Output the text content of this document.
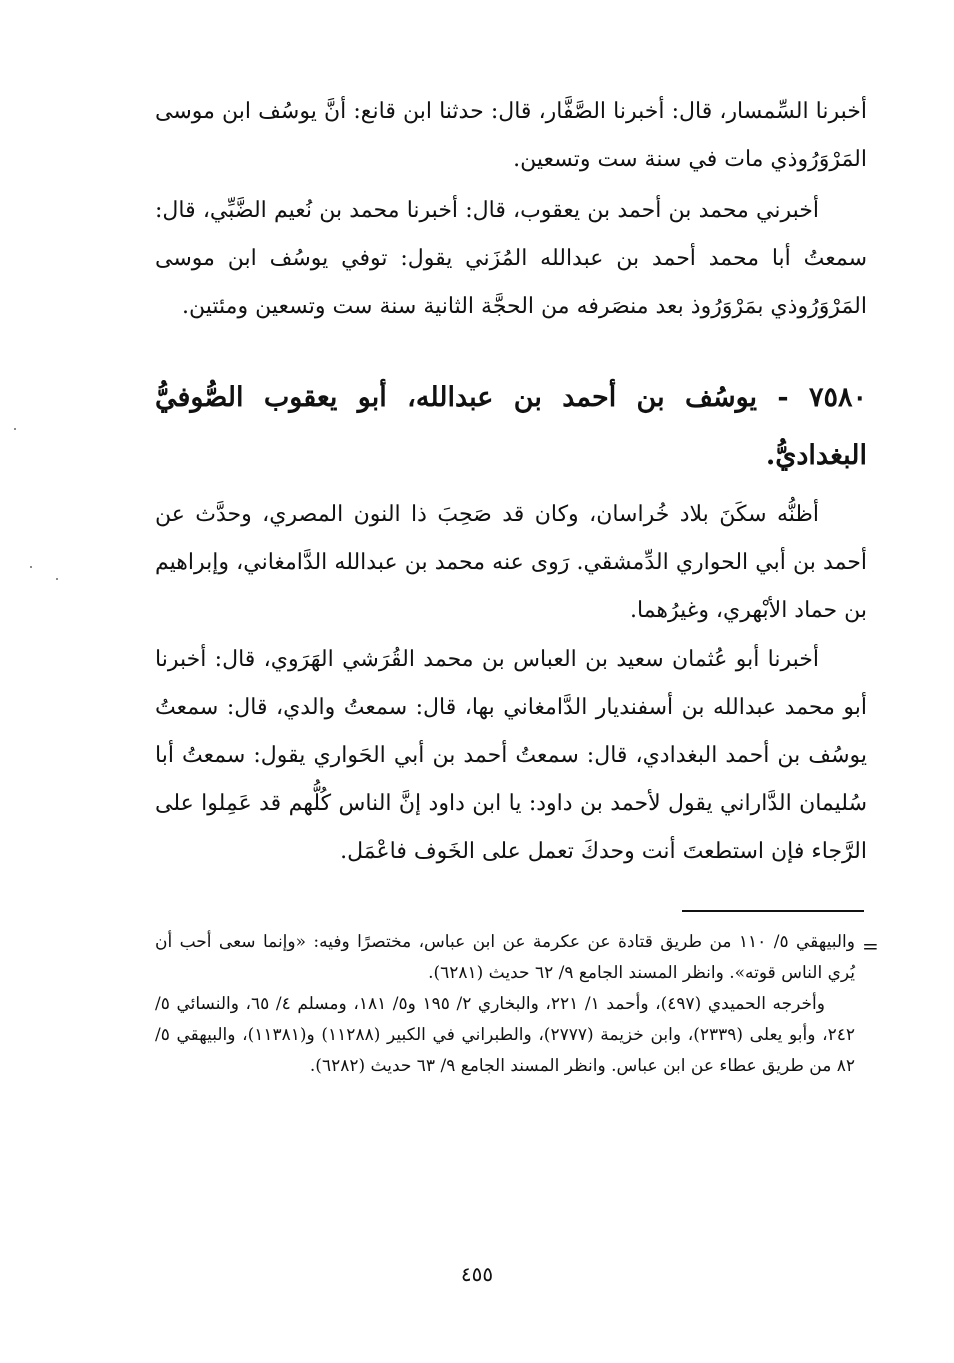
أخبرنا السِّمسار، قال: أخبرنا الصَّفَّار، قال: حدثنا ابن قانع: أنَّ يوسُف ابن موسى المَرْوَرُوذي مات في سنة ست وتسعين.

أخبرني محمد بن أحمد بن يعقوب، قال: أخبرنا محمد بن نُعيم الضَّبِّي، قال: سمعتُ أبا محمد أحمد بن عبدالله المُزَني يقول: توفي يوسُف ابن موسى المَرْوَرُوذي بمَرْوَرُوذ بعد منصَرفه من الحجَّة الثانية سنة ست وتسعين ومئتين.

٧٥٨٠ - يوسُف بن أحمد بن عبدالله، أبو يعقوب الصُّوفيُّ البغداديُّ.

أظنُّه سكَنَ بلاد خُراسان، وكان قد صَحِبَ ذا النون المصري، وحدَّث عن أحمد بن أبي الحواري الدِّمشقي. رَوى عنه محمد بن عبدالله الدَّامغاني، وإبراهيم بن حماد الأبْهري، وغيرُهما.

أخبرنا أبو عُثمان سعيد بن العباس بن محمد القُرَشي الهَرَوي، قال: أخبرنا أبو محمد عبدالله بن أسفنديار الدَّامغاني بها، قال: سمعتُ والدي، قال: سمعتُ يوسُف بن أحمد البغدادي، قال: سمعتُ أحمد بن أبي الحَواري يقول: سمعتُ أبا سُليمان الدَّاراني يقول لأحمد بن داود: يا ابن داود إنَّ الناس كُلُّهم قد عَمِلوا على الرَّجاء فإن استطعتَ أنت وحدكَ تعمل على الخَوف فاعْمَل.

=

والبيهقي ٥/ ١١٠ من طريق قتادة عن عكرمة عن ابن عباس، مختصرًا وفيه: «وإنما سعى أحب أن يُري الناس قوته». وانظر المسند الجامع ٩/ ٦٢ حديث (٦٢٨١).

وأخرجه الحميدي (٤٩٧)، وأحمد ١/ ٢٢١، والبخاري ٢/ ١٩٥ و٥/ ١٨١، ومسلم ٤/ ٦٥، والنسائي ٥/ ٢٤٢، وأبو يعلى (٢٣٣٩)، وابن خزيمة (٢٧٧٧)، والطبراني في الكبير (١١٢٨٨) و(١١٣٨١)، والبيهقي ٥/ ٨٢ من طريق عطاء عن ابن عباس. وانظر المسند الجامع ٩/ ٦٣ حديث (٦٢٨٢).

٤٥٥
